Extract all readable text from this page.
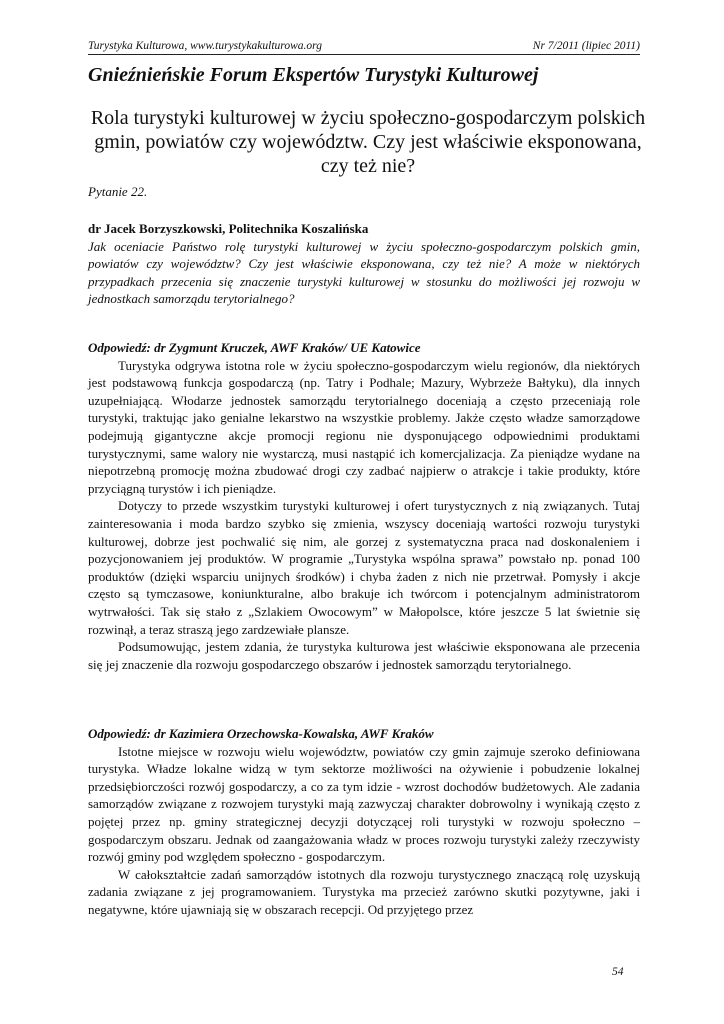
Turystyka Kulturowa, www.turystykakulturowa.org	Nr 7/2011 (lipiec 2011)
Gnieźnieńskie Forum Ekspertów Turystyki Kulturowej
Rola turystyki kulturowej w życiu społeczno-gospodarczym polskich gmin, powiatów czy województw. Czy jest właściwie eksponowana, czy też nie?
Pytanie 22.
dr Jacek Borzyszkowski, Politechnika Koszalińska
Jak oceniacie Państwo rolę turystyki kulturowej w życiu społeczno-gospodarczym polskich gmin, powiatów czy województw? Czy jest właściwie eksponowana, czy też nie? A może w niektórych przypadkach przecenia się znaczenie turystyki kulturowej w stosunku do możliwości jej rozwoju w jednostkach samorządu terytorialnego?
Odpowiedź: dr Zygmunt Kruczek, AWF Kraków/ UE Katowice

Turystyka odgrywa istotna role w życiu społeczno-gospodarczym wielu regionów, dla niektórych jest podstawową funkcja gospodarczą (np. Tatry i Podhale; Mazury, Wybrzeże Bałtyku), dla innych uzupełniającą. Włodarze jednostek samorządu terytorialnego doceniają a często przeceniają role turystyki, traktując jako genialne lekarstwo na wszystkie problemy. Jakże często władze samorządowe podejmują gigantyczne akcje promocji regionu nie dysponującego odpowiednimi produktami turystycznymi, same walory nie wystarczą, musi nastąpić ich komercjalizacja. Za pieniądze wydane na niepotrzebną promocję można zbudować drogi czy zadbać najpierw o atrakcje i takie produkty, które przyciągną turystów i ich pieniądze.

Dotyczy to przede wszystkim turystyki kulturowej i ofert turystycznych z nią związanych. Tutaj zainteresowania i moda bardzo szybko się zmienia, wszyscy doceniają wartości rozwoju turystyki kulturowej, dobrze jest pochwalić się nim, ale gorzej z systematyczna praca nad doskonaleniem i pozycjonowaniem jej produktów. W programie „Turystyka wspólna sprawa” powstało np. ponad 100 produktów (dzięki wsparciu unijnych środków) i chyba żaden z nich nie przetrwał. Pomysły i akcje często są tymczasowe, koniunkturalne, albo brakuje ich twórcom i potencjalnym administratorom wytrwałości. Tak się stało z „Szlakiem Owocowym” w Małopolsce, które jeszcze 5 lat świetnie się rozwinął, a teraz straszą jego zardzewiałe plansze.

Podsumowując, jestem zdania, że turystyka kulturowa jest właściwie eksponowana ale przecenia się jej znaczenie dla rozwoju gospodarczego obszarów i jednostek samorządu terytorialnego.

Odpowiedź: dr Kazimiera Orzechowska-Kowalska, AWF Kraków

Istotne miejsce w rozwoju wielu województw, powiatów czy gmin zajmuje szeroko definiowana turystyka. Władze lokalne widzą w tym sektorze możliwości na ożywienie i pobudzenie lokalnej przedsiębiorczości rozwój gospodarczy, a co za tym idzie - wzrost dochodów budżetowych. Ale zadania samorządów związane z rozwojem turystyki mają zazwyczaj charakter dobrowolny i wynikają często z pojętej przez np. gminy strategicznej decyzji dotyczącej roli turystyki w rozwoju społeczno – gospodarczym obszaru. Jednak od zaangażowania władz w proces rozwoju turystyki zależy rzeczywisty rozwój gminy pod względem społeczno - gospodarczym.

W całokształtcie zadań samorządów istotnych dla rozwoju turystycznego znaczącą rolę uzyskują zadania związane z jej programowaniem. Turystyka ma przecież zarówno skutki pozytywne, jaki i negatywne, które ujawniają się w obszarach recepcji. Od przyjętego przez

54
